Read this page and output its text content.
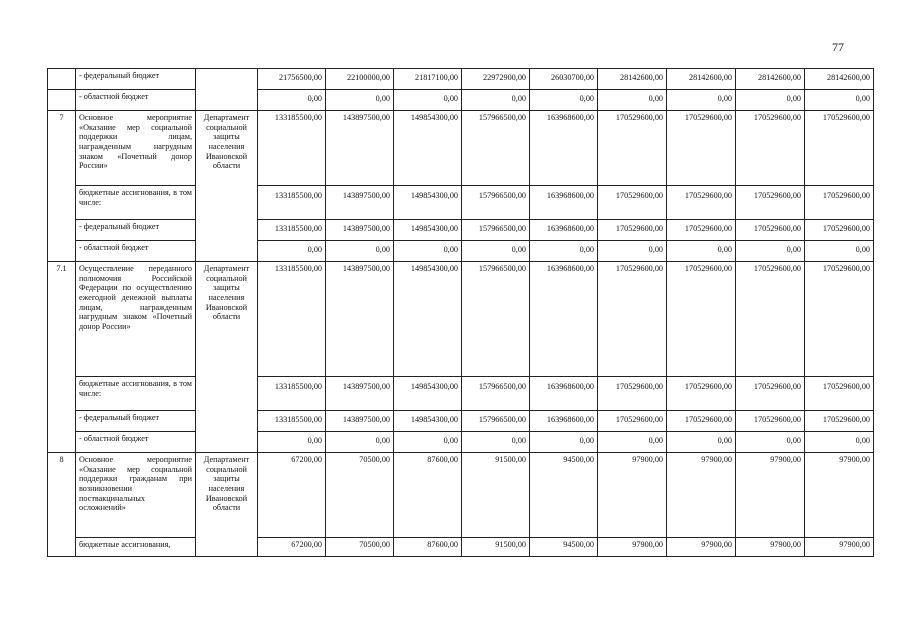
77
	- федеральный бюджет		21756500,00	22100000,00	21817100,00	22972900,00	26030700,00	28142600,00	28142600,00	28142600,00	28142600,00
	- областной бюджет		0,00	0,00	0,00	0,00	0,00	0,00	0,00	0,00	0,00
7	Основное мероприятие «Оказание мер социальной поддержки лицам, награжденным нагрудным знаком «Почетный донор России»	Департамент социальной защиты населения Ивановской области	133185500,00	143897500,00	149854300,00	157966500,00	163968600,00	170529600,00	170529600,00	170529600,00	170529600,00
	бюджетные ассигнования, в том числе:		133185500,00	143897500,00	149854300,00	157966500,00	163968600,00	170529600,00	170529600,00	170529600,00	170529600,00
	- федеральный бюджет		133185500,00	143897500,00	149854300,00	157966500,00	163968600,00	170529600,00	170529600,00	170529600,00	170529600,00
	- областной бюджет		0,00	0,00	0,00	0,00	0,00	0,00	0,00	0,00	0,00
7.1	Осуществление переданного полномочия Российской Федерации по осуществлению ежегодной денежной выплаты лицам, награжденным нагрудным знаком «Почетный донор России»	Департамент социальной защиты населения Ивановской области	133185500,00	143897500,00	149854300,00	157966500,00	163968600,00	170529600,00	170529600,00	170529600,00	170529600,00
	бюджетные ассигнования, в том числе:		133185500,00	143897500,00	149854300,00	157966500,00	163968600,00	170529600,00	170529600,00	170529600,00	170529600,00
	- федеральный бюджет		133185500,00	143897500,00	149854300,00	157966500,00	163968600,00	170529600,00	170529600,00	170529600,00	170529600,00
	- областной бюджет		0,00	0,00	0,00	0,00	0,00	0,00	0,00	0,00	0,00
8	Основное мероприятие «Оказание мер социальной поддержки гражданам при возникновении поствакцинальных осложнений»	Департамент социальной защиты населения Ивановской области	67200,00	70500,00	87600,00	91500,00	94500,00	97900,00	97900,00	97900,00	97900,00
	бюджетные ассигнования,		67200,00	70500,00	87600,00	91500,00	94500,00	97900,00	97900,00	97900,00	97900,00
